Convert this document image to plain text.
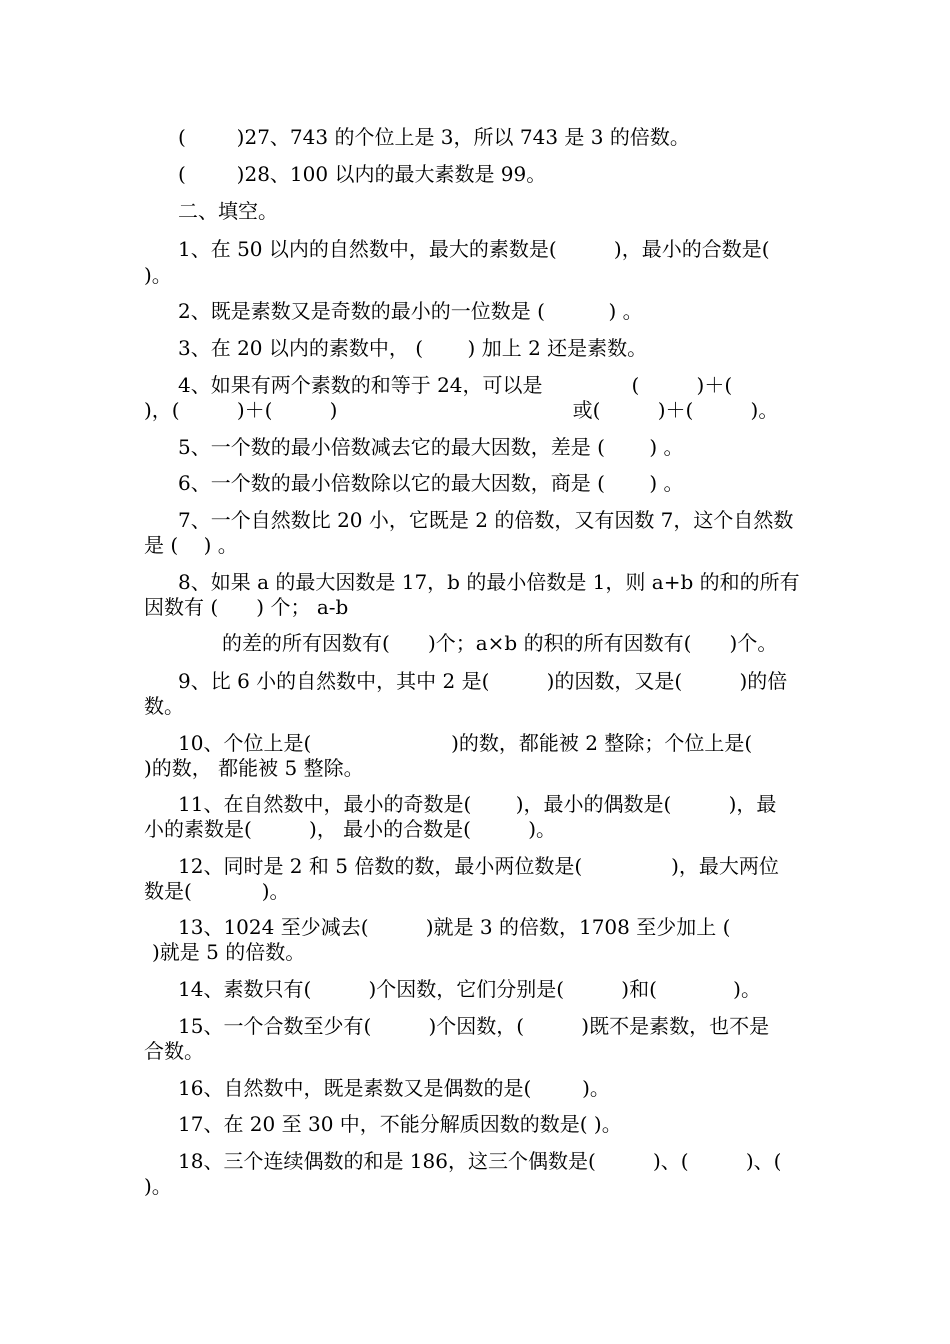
(        )27、743 的个位上是 3，所以 743 是 3 的倍数。
(        )28、100 以内的最大素数是 99。
二、填空。
1、在 50 以内的自然数中，最大的素数是(         )，最小的合数是(
)。
2、既是素数又是奇数的最小的一位数是 (          ) 。
3、在 20 以内的素数中， (       ) 加上 2 还是素数。
4、如果有两个素数的和等于 24，可以是              (         )＋(
)，(         )＋(         )                                     或(         )＋(         )。
5、一个数的最小倍数减去它的最大因数，差是 (       ) 。
6、一个数的最小倍数除以它的最大因数，商是 (       ) 。
7、一个自然数比 20 小，它既是 2 的倍数，又有因数 7，这个自然数
是 (    ) 。
8、如果 a 的最大因数是 17，b 的最小倍数是 1，则 a+b 的和的所有
因数有 (      ) 个； a-b
的差的所有因数有(      )个；a×b 的积的所有因数有(      )个。
9、比 6 小的自然数中，其中 2 是(         )的因数，又是(         )的倍
数。
10、个位上是(                      )的数，都能被 2 整除；个位上是(
)的数， 都能被 5 整除。
11、在自然数中，最小的奇数是(       )，最小的偶数是(         )，最
小的素数是(         )， 最小的合数是(         )。
12、同时是 2 和 5 倍数的数，最小两位数是(              )，最大两位
数是(           )。
13、1024 至少减去(         )就是 3 的倍数，1708 至少加上 (
)就是 5 的倍数。
14、素数只有(         )个因数，它们分别是(         )和(            )。
15、一个合数至少有(         )个因数，(         )既不是素数，也不是
合数。
16、自然数中，既是素数又是偶数的是(        )。
17、在 20 至 30 中，不能分解质因数的数是( )。
18、三个连续偶数的和是 186，这三个偶数是(         )、(         )、(
)。
